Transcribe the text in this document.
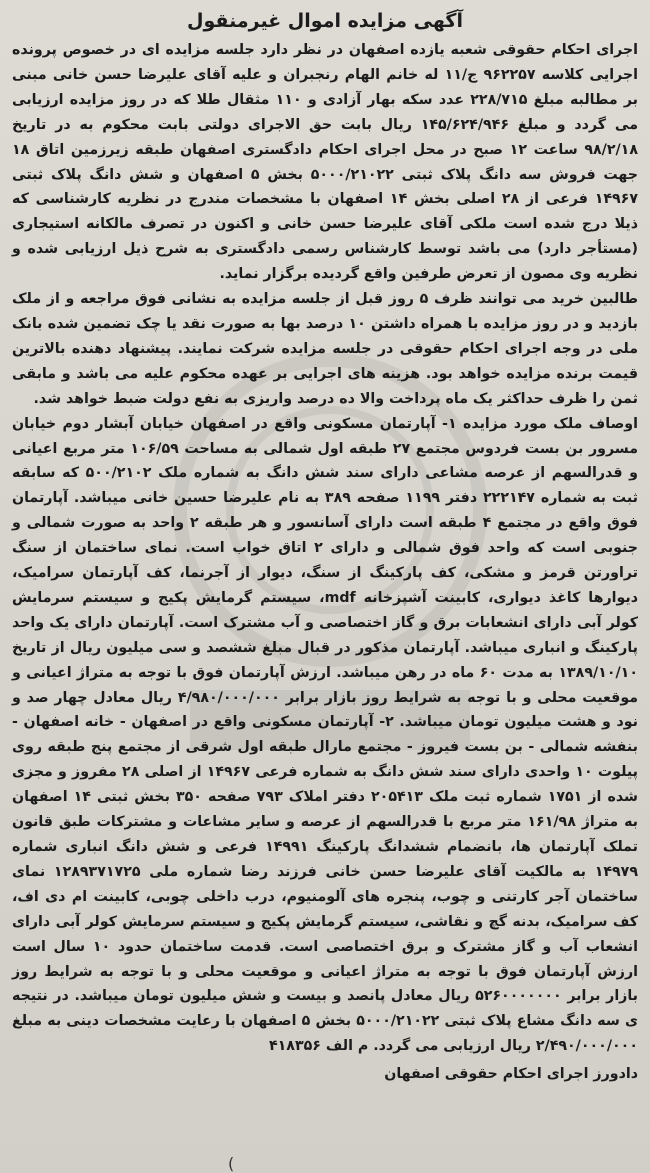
آگهی مزایده اموال غیرمنقول

اجرای احکام حقوقی شعبه یازده اصفهان در نظر دارد جلسه مزایده ای در خصوص پرونده اجرایی کلاسه ۹۶۲۲۵۷ ج/۱۱ له خانم الهام رنجبران و علیه آقای علیرضا حسن خانی مبنی بر مطالبه مبلغ ۲۲۸/۷۱۵ عدد سکه بهار آزادی و ۱۱۰ مثقال طلا که در روز مزایده ارزیابی می گردد و مبلغ ۱۴۵/۶۲۴/۹۴۶ ریال بابت حق الاجرای دولتی بابت محکوم به در تاریخ ۹۸/۲/۱۸ ساعت ۱۲ صبح در محل اجرای احکام دادگستری اصفهان طبقه زیرزمین اتاق ۱۸ جهت فروش سه دانگ پلاک ثبتی ۵۰۰۰/۲۱۰۲۲ بخش ۵ اصفهان و شش دانگ پلاک ثبتی ۱۴۹۶۷ فرعی از ۲۸ اصلی بخش ۱۴ اصفهان با مشخصات مندرج در نظریه کارشناسی که ذیلا درج شده است ملکی آقای علیرضا حسن خانی و اکنون در تصرف مالکانه استیجاری (مستأجر دارد) می باشد توسط کارشناس رسمی دادگستری به شرح ذیل ارزیابی شده و نظریه وی مصون از تعرض طرفین واقع گردیده برگزار نماید.

طالبین خرید می توانند ظرف ۵ روز قبل از جلسه مزایده به نشانی فوق مراجعه و از ملک بازدید و در روز مزایده با همراه داشتن ۱۰ درصد بها به صورت نقد یا چک تضمین شده بانک ملی در وجه اجرای احکام حقوقی در جلسه مزایده شرکت نمایند. پیشنهاد دهنده بالاترین قیمت برنده مزایده خواهد بود. هزینه های اجرایی بر عهده محکوم علیه می باشد و مابقی ثمن را ظرف حداکثر یک ماه پرداخت والا ده درصد واریزی به نفع دولت ضبط خواهد شد.

اوصاف ملک مورد مزایده ۱- آپارتمان مسکونی واقع در اصفهان خیابان آبشار دوم خیابان مسرور بن بست فردوس مجتمع ۲۷ طبقه اول شمالی به مساحت ۱۰۶/۵۹ متر مربع اعیانی و قدرالسهم از عرصه مشاعی دارای سند شش دانگ به شماره ملک ۵۰۰/۲۱۰۲ که سابقه ثبت به شماره ۲۲۲۱۴۷ دفتر ۱۱۹۹ صفحه ۳۸۹ به نام علیرضا حسین خانی میباشد. آپارتمان فوق واقع در مجتمع ۴ طبقه است دارای آسانسور و هر طبقه ۲ واحد به صورت شمالی و جنوبی است که واحد فوق شمالی و دارای ۲ اتاق خواب است. نمای ساختمان از سنگ تراورتن قرمز و مشکی، کف پارکینگ از سنگ، دیوار از آجرنما، کف آپارتمان سرامیک، دیوارها کاغذ دیواری، کابینت آشپزخانه mdf، سیستم گرمایش پکیج و سیستم سرمایش کولر آبی دارای انشعابات برق و گاز اختصاصی و آب مشترک است. آپارتمان دارای یک واحد پارکینگ و انباری میباشد. آپارتمان مذکور در قبال مبلغ ششصد و سی میلیون ریال از تاریخ ۱۳۸۹/۱۰/۱۰ به مدت ۶۰ ماه در رهن میباشد. ارزش آپارتمان فوق با توجه به متراژ اعیانی و موقعیت محلی و با توجه به شرایط روز بازار برابر ۴/۹۸۰/۰۰۰/۰۰۰ ریال معادل چهار صد و نود و هشت میلیون تومان میباشد. ۲- آپارتمان مسکونی واقع در اصفهان - خانه اصفهان - بنفشه شمالی - بن بست فیروز - مجتمع مارال طبقه اول شرقی از مجتمع پنج طبقه روی پیلوت ۱۰ واحدی دارای سند شش دانگ به شماره فرعی ۱۴۹۶۷ از اصلی ۲۸ مفروز و مجزی شده از ۱۷۵۱ شماره ثبت ملک ۲۰۵۴۱۳ دفتر املاک ۷۹۳ صفحه ۳۵۰ بخش ثبتی ۱۴ اصفهان به متراژ ۱۶۱/۹۸ متر مربع با قدرالسهم از عرصه و سایر مشاعات و مشترکات طبق قانون تملک آپارتمان ها، بانضمام ششدانگ پارکینگ ۱۴۹۹۱ فرعی و شش دانگ انباری شماره ۱۴۹۷۹ به مالکیت آقای علیرضا حسن خانی فرزند رضا شماره ملی ۱۲۸۹۳۷۱۷۲۵ نمای ساختمان آجر کارتنی و چوب، پنجره های آلومنیوم، درب داخلی چوبی، کابینت ام دی اف، کف سرامیک، بدنه گچ و نقاشی، سیستم گرمایش پکیج و سیستم سرمایش کولر آبی دارای انشعاب آب و گاز مشترک و برق اختصاصی است. قدمت ساختمان حدود ۱۰ سال است ارزش آپارتمان فوق با توجه به متراژ اعیانی و موقعیت محلی و با توجه به شرایط روز بازار برابر ۵۲۶۰۰۰۰۰۰۰ ریال معادل پانصد و بیست و شش میلیون تومان میباشد. در نتیجه ی سه دانگ مشاع پلاک ثبتی ۵۰۰۰/۲۱۰۲۲ بخش ۵ اصفهان با رعایت مشخصات دینی به مبلغ ۲/۴۹۰/۰۰۰/۰۰۰ ریال ارزیابی می گردد. م الف ۴۱۸۳۵۶

دادورز اجرای احکام حقوقی اصفهان
)
